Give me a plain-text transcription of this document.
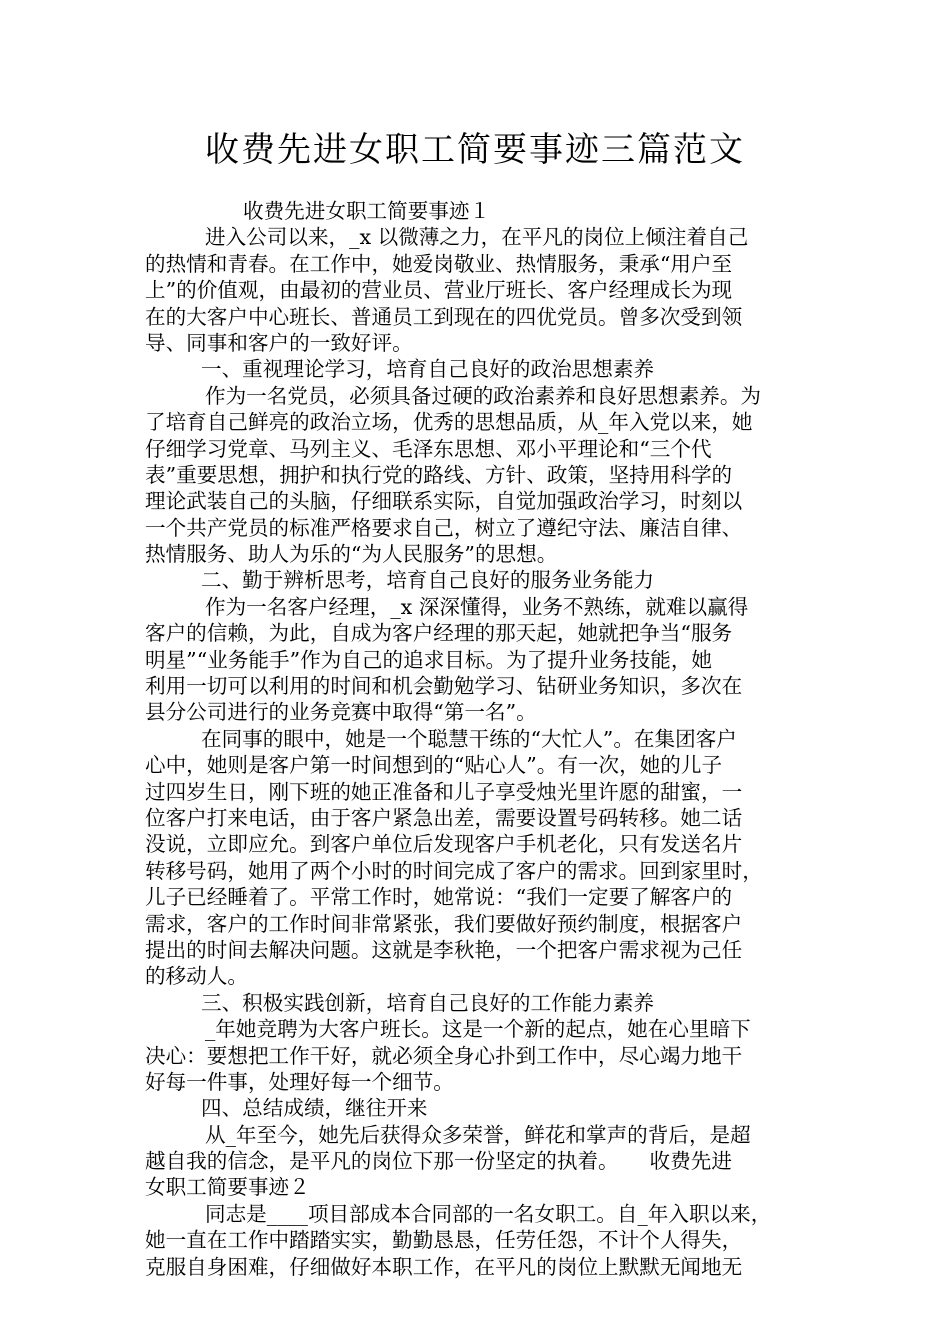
收费先进女职工简要事迹三篇范文
收费先进女职工简要事迹１
进入公司以来，_x 以微薄之力，在平凡的岗位上倾注着自己
的热情和青春。在工作中，她爱岗敬业、热情服务，秉承“用户至
上”的价值观，由最初的营业员、营业厅班长、客户经理成长为现
在的大客户中心班长、普通员工到现在的四优党员。曾多次受到领
导、同事和客户的一致好评。
一、重视理论学习，培育自己良好的政治思想素养
作为一名党员，必须具备过硬的政治素养和良好思想素养。为
了培育自己鲜亮的政治立场，优秀的思想品质，从_年入党以来，她
仔细学习党章、马列主义、毛泽东思想、邓小平理论和“三个代
表”重要思想，拥护和执行党的路线、方针、政策，坚持用科学的
理论武装自己的头脑，仔细联系实际，自觉加强政治学习，时刻以
一个共产党员的标准严格要求自己，树立了遵纪守法、廉洁自律、
热情服务、助人为乐的“为人民服务”的思想。
二、勤于辨析思考，培育自己良好的服务业务能力
作为一名客户经理，_x 深深懂得，业务不熟练，就难以赢得
客户的信赖，为此，自成为客户经理的那天起，她就把争当“服务
明星”“业务能手”作为自己的追求目标。为了提升业务技能，她
利用一切可以利用的时间和机会勤勉学习、钻研业务知识，多次在
县分公司进行的业务竞赛中取得“第一名”。
在同事的眼中，她是一个聪慧干练的“大忙人”。在集团客户
心中，她则是客户第一时间想到的“贴心人”。有一次，她的儿子
过四岁生日，刚下班的她正准备和儿子享受烛光里许愿的甜蜜，一
位客户打来电话，由于客户紧急出差，需要设置号码转移。她二话
没说，立即应允。到客户单位后发现客户手机老化，只有发送名片
转移号码，她用了两个小时的时间完成了客户的需求。回到家里时，
儿子已经睡着了。平常工作时，她常说：“我们一定要了解客户的
需求，客户的工作时间非常紧张，我们要做好预约制度，根据客户
提出的时间去解决问题。这就是李秋艳，一个把客户需求视为己任
的移动人。
三、积极实践创新，培育自己良好的工作能力素养
_年她竞聘为大客户班长。这是一个新的起点，她在心里暗下
决心：要想把工作干好，就必须全身心扑到工作中，尽心竭力地干
好每一件事，处理好每一个细节。
四、总结成绩，继往开来
从_年至今，她先后获得众多荣誉，鲜花和掌声的背后，是超
越自我的信念，是平凡的岗位下那一份坚定的执着。　　收费先进
女职工简要事迹２
同志是____项目部成本合同部的一名女职工。自_年入职以来，
她一直在工作中踏踏实实，勤勤恳恳，任劳任怨，不计个人得失，
克服自身困难，仔细做好本职工作，在平凡的岗位上默默无闻地无
